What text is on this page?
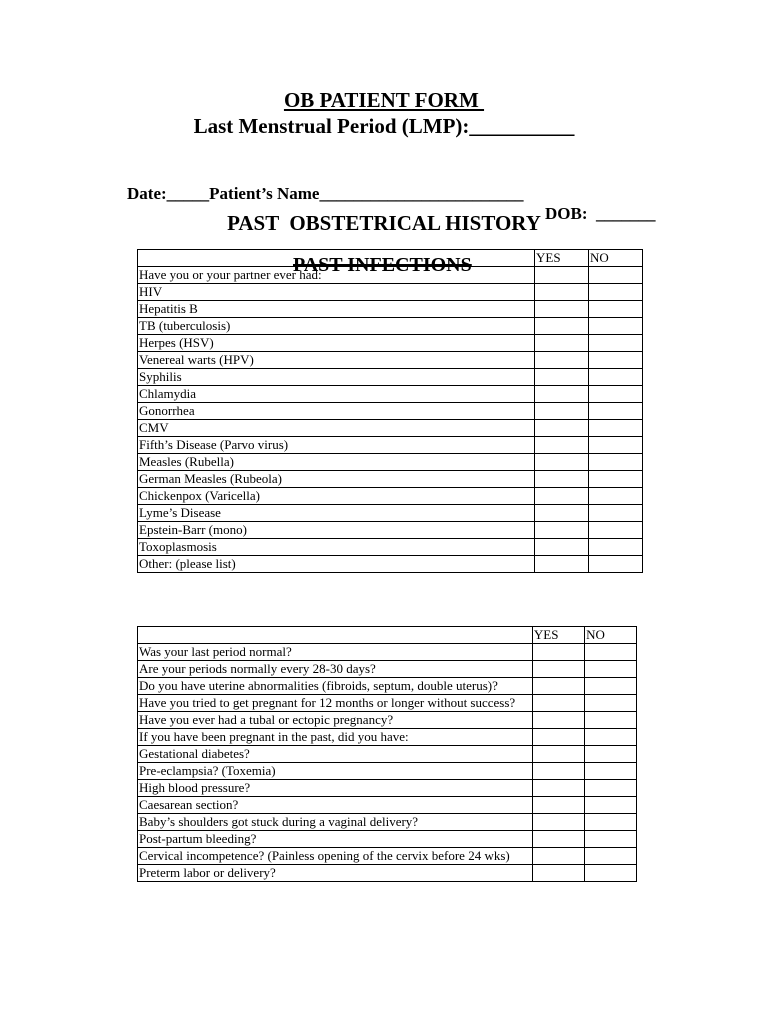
OB PATIENT FORM
Last Menstrual Period (LMP):__________

Date:_____Patient’s Name________________________

DOB:  _______

PAST  OBSTETRICAL HISTORY
	YES	NO
Have you or your partner ever had:		
HIV		
Hepatitis B		
TB (tuberculosis)		
Herpes (HSV)		
Venereal warts (HPV)		
Syphilis		
Chlamydia		
Gonorrhea		
CMV		
Fifth’s Disease (Parvo virus)		
Measles (Rubella)		
German Measles (Rubeola)		
Chickenpox (Varicella)		
Lyme’s Disease		
Epstein-Barr (mono)		
Toxoplasmosis		
Other: (please list)		
PAST INFECTIONS
	YES	NO
Was your last period normal?		
Are your periods normally every 28-30 days?		
Do you have uterine abnormalities (fibroids, septum, double uterus)?		
Have you tried to get pregnant for 12 months or longer without success?		
Have you ever had a tubal or ectopic pregnancy?		
If you have been pregnant in the past, did you have:		
Gestational diabetes?		
Pre-eclampsia? (Toxemia)		
High blood pressure?		
Caesarean section?		
Baby’s shoulders got stuck during a vaginal delivery?		
Post-partum bleeding?		
Cervical incompetence? (Painless opening of the cervix before 24 wks)		
Preterm labor or delivery?		
